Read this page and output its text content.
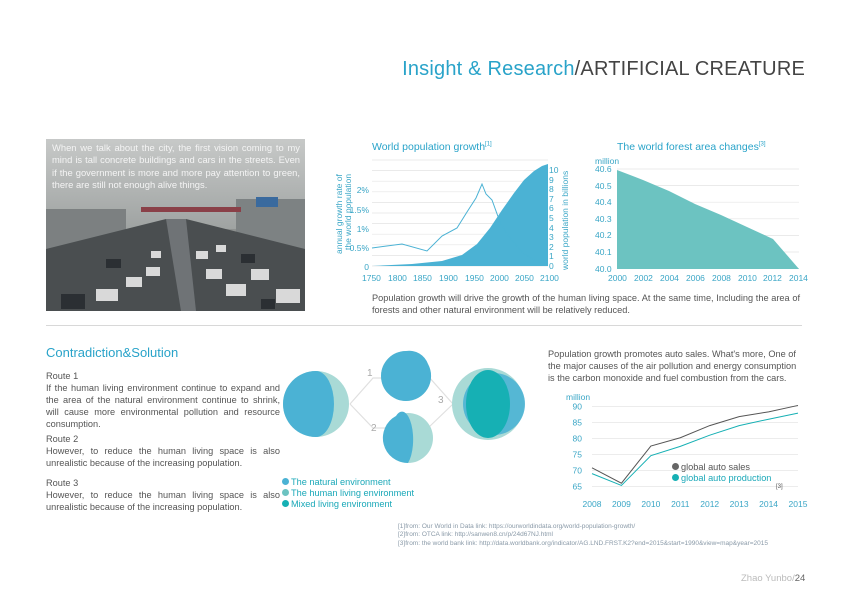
Insight & Research/ARTIFICIAL CREATURE
When we talk about the city, the first vision coming to my mind is tall concrete buildings and cars in the streets. Even if the government is more and more pay attention to green, there are still not enough alive things.
World population growth[1]
annual growth rate of the world population 2%
1.5%
1%
0.5%
0
10
9
8
7
6
5
4
3
2
1
0 world population in billions
1750 1800 1850 1900 1950 2000 2050 2100
The world forest area changes[3]
million
40.6
40.5
40.4
40.3
40.2
40.1
40.0
2000 2002 2004 2006 2008 2010 2012 2014
Population growth will drive the growth of the human living space. At the same time, Including the area of forests and other natural environment will be relatively reduced.
Contradiction&Solution
Route 1
If the human living environment continue to expand and the area of the natural environment continue to shrink, will cause more environmental pollution and resource consumption.
Route 2
However, to reduce the human living space is also unrealistic because of the increasing population.
Route 3
However, to reduce the human living space is also unrealistic because of the increasing population.
1
2
3
The natural environment
The human living environment
Mixed living environment
Population growth promotes auto sales. What's more, One of the major causes of the air pollution and energy consumption is the carbon monoxide and fuel combustion from the cars.
million
90
85
80
75
70
65
2008 2009 2010 2011 2012 2013 2014 2015
global auto sales
global auto production
[3]
[1]from: Our World in Data link: https://ourworldindata.org/world-population-growth/
[2]from: OTCA link: http://sanwen8.cn/p/24d67NJ.html
[3]from: the world bank link: http://data.worldbank.org/indicator/AG.LND.FRST.K2?end=2015&start=1990&view=map&year=2015
Zhao Yunbo/24
